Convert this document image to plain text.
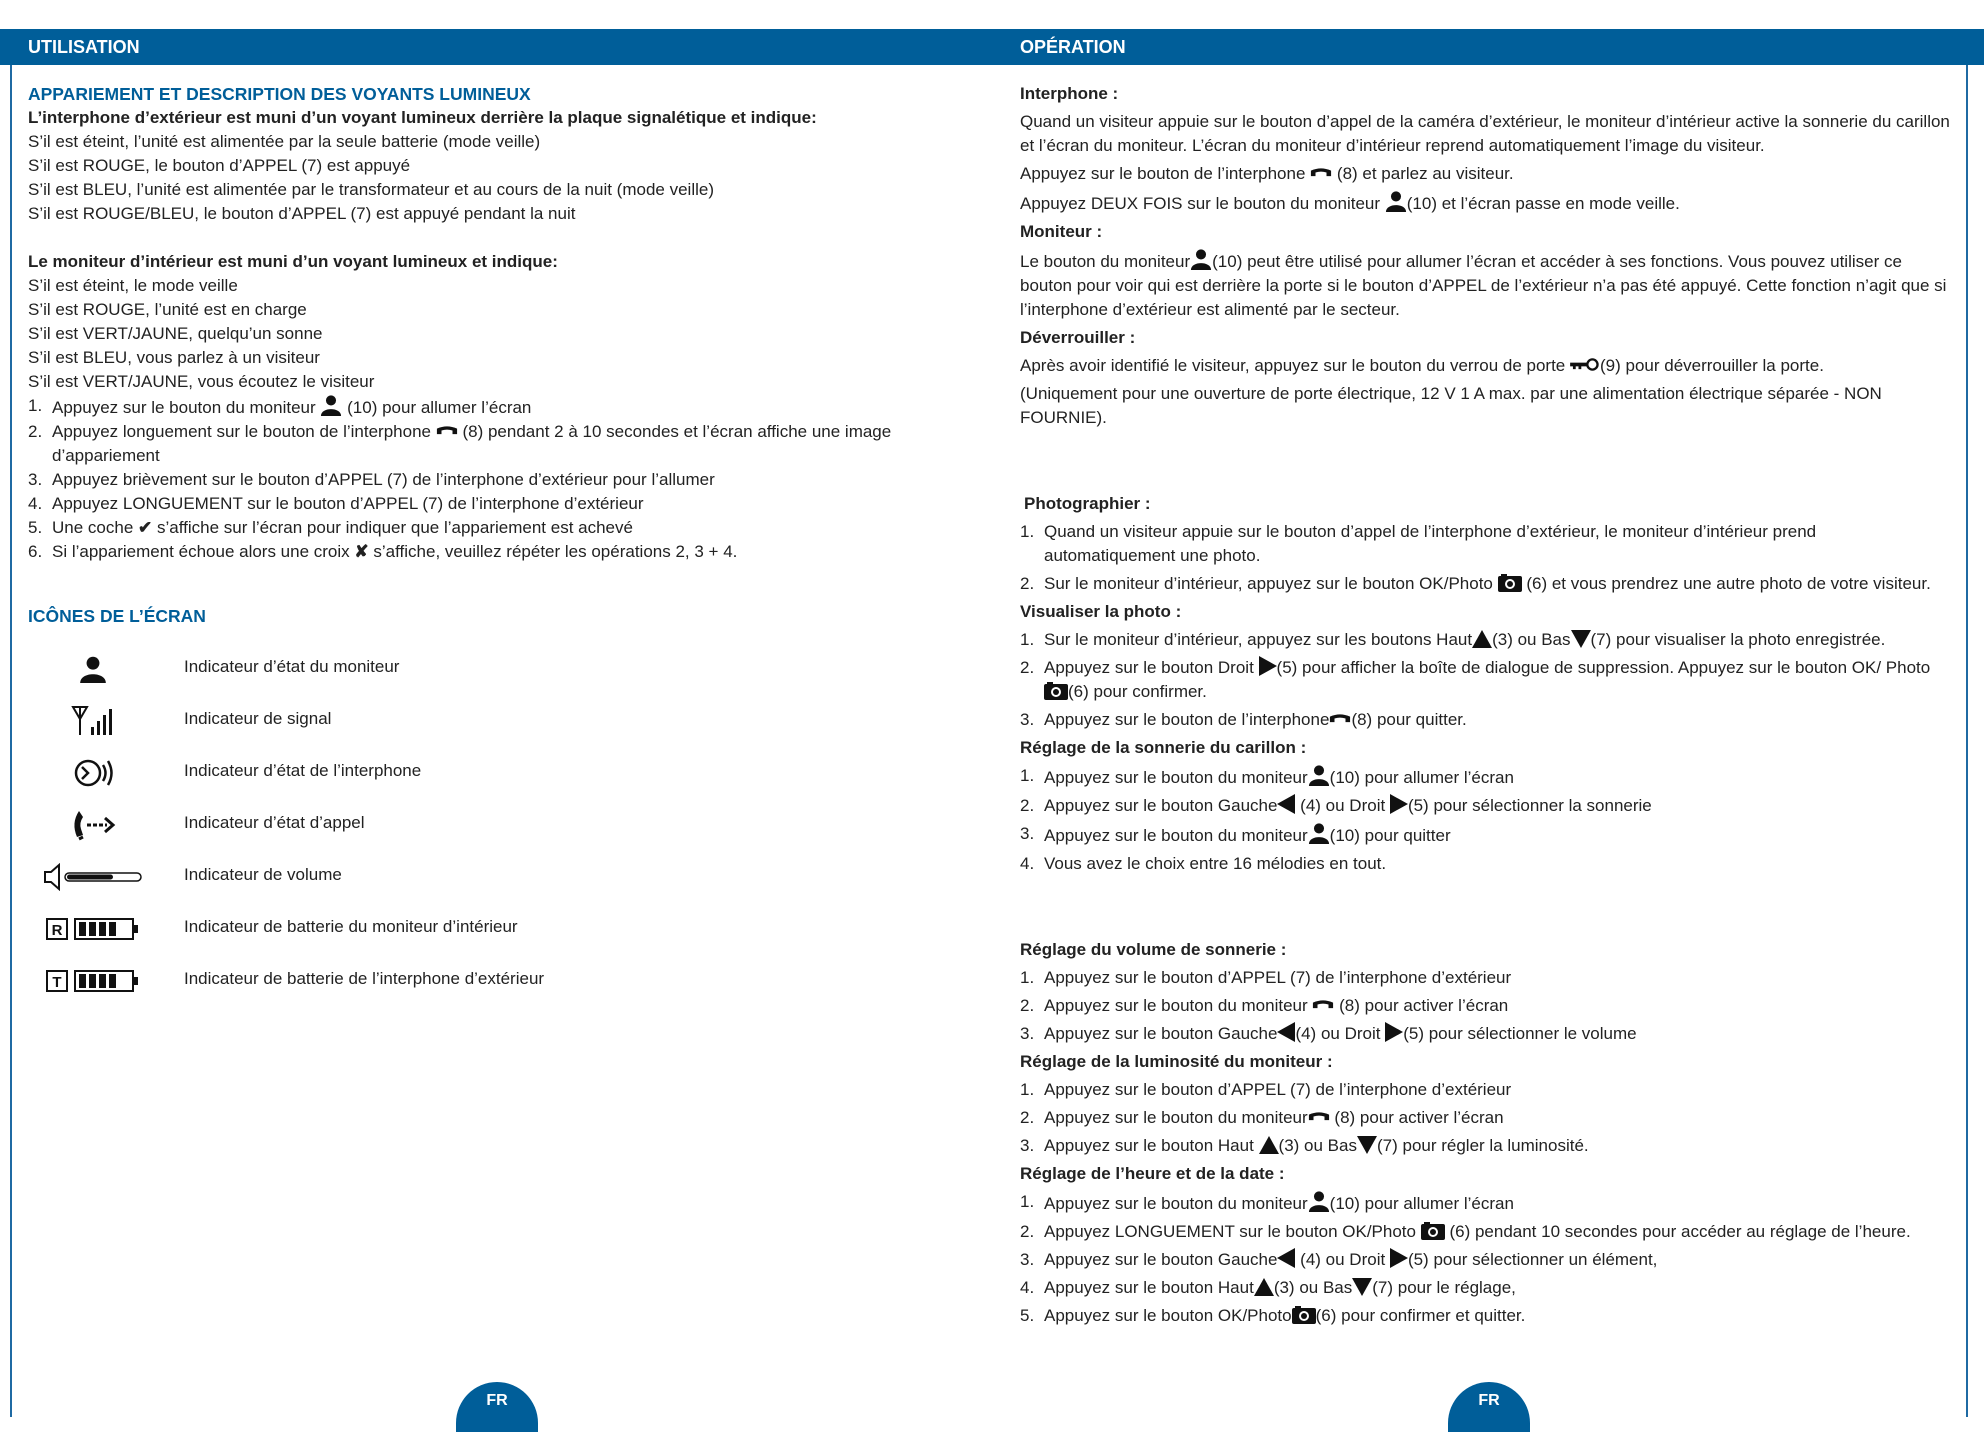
UTILISATION	OPÉRATION

APPARIEMENT ET DESCRIPTION DES VOYANTS LUMINEUX

L’interphone d’extérieur est muni d’un voyant lumineux derrière la plaque signalétique et indique:

S’il est éteint, l’unité est alimentée par la seule batterie (mode veille)

S’il est ROUGE, le bouton d’APPEL (7) est appuyé

S’il est BLEU, l’unité est alimentée par le transformateur et au cours de la nuit (mode veille)

S’il est ROUGE/BLEU, le bouton d’APPEL (7) est appuyé pendant la nuit

Le moniteur d’intérieur est muni d’un voyant lumineux et indique:

S’il est éteint, le mode veille

S’il est ROUGE, l’unité est en charge

S’il est VERT/JAUNE, quelqu’un sonne

S’il est BLEU, vous parlez à un visiteur

S’il est VERT/JAUNE, vous écoutez le visiteur

1. Appuyez sur le bouton du moniteur (10) pour allumer l’écran
2. Appuyez longuement sur le bouton de l’interphone (8) pendant 2 à 10 secondes et l’écran affiche une image d’appariement
3. Appuyez brièvement sur le bouton d’APPEL (7) de l’interphone d’extérieur pour l’allumer
4. Appuyez LONGUEMENT sur le bouton d’APPEL (7) de l’interphone d’extérieur
5. Une coche ✔ s’affiche sur l’écran pour indiquer que l’appariement est achevé
6. Si l’appariement échoue alors une croix ✘ s’affiche, veuillez répéter les opérations 2, 3 + 4.

ICÔNES DE L’ÉCRAN

Indicateur d’état du moniteur
Indicateur de signal
Indicateur d’état de l’interphone
Indicateur d’état d’appel
Indicateur de volume
R	Indicateur de batterie du moniteur d’intérieur
T	Indicateur de batterie de l’interphone d’extérieur

Interphone :

Quand un visiteur appuie sur le bouton d’appel de la caméra d’extérieur, le moniteur d’intérieur active la sonnerie du carillon et l’écran du moniteur. L’écran du moniteur d’intérieur reprend automatiquement l’image du visiteur.

Appuyez sur le bouton de l’interphone (8) et parlez au visiteur.

Appuyez DEUX FOIS sur le bouton du moniteur (10) et l’écran passe en mode veille.

Moniteur :

Le bouton du moniteur (10) peut être utilisé pour allumer l’écran et accéder à ses fonctions. Vous pouvez utiliser ce bouton pour voir qui est derrière la porte si le bouton d’APPEL de l’extérieur n’a pas été appuyé. Cette fonction n’agit que si l’interphone d’extérieur est alimenté par le secteur.

Déverrouiller :

Après avoir identifié le visiteur, appuyez sur le bouton du verrou de porte (9) pour déverrouiller la porte.

(Uniquement pour une ouverture de porte électrique, 12 V 1 A max. par une alimentation électrique séparée - NON FOURNIE).

Photographier :

1. Quand un visiteur appuie sur le bouton d’appel de l’interphone d’extérieur, le moniteur d’intérieur prend automatiquement une photo.
2. Sur le moniteur d’intérieur, appuyez sur le bouton OK/Photo (6) et vous prendrez une autre photo de votre visiteur.

Visualiser la photo :

1. Sur le moniteur d’intérieur, appuyez sur les boutons Haut (3) ou Bas (7) pour visualiser la photo enregistrée.
2. Appuyez sur le bouton Droit (5) pour afficher la boîte de dialogue de suppression. Appuyez sur le bouton OK/ Photo(6) pour confirmer.
3. Appuyez sur le bouton de l’interphone (8) pour quitter.

Réglage de la sonnerie du carillon :

1. Appuyez sur le bouton du moniteur (10) pour allumer l’écran
2. Appuyez sur le bouton Gauche (4) ou Droit (5) pour sélectionner la sonnerie
3. Appuyez sur le bouton du moniteur (10) pour quitter
4. Vous avez le choix entre 16 mélodies en tout.

Réglage du volume de sonnerie :

1. Appuyez sur le bouton d’APPEL (7) de l’interphone d’extérieur
2. Appuyez sur le bouton du moniteur (8) pour activer l’écran
3. Appuyez sur le bouton Gauche (4) ou Droit (5) pour sélectionner le volume

Réglage de la luminosité du moniteur :

1. Appuyez sur le bouton d’APPEL (7) de l’interphone d’extérieur
2. Appuyez sur le bouton du moniteur (8) pour activer l’écran
3. Appuyez sur le bouton Haut (3) ou Bas (7) pour régler la luminosité.

Réglage de l’heure et de la date :

1. Appuyez sur le bouton du moniteur (10) pour allumer l’écran
2. Appuyez LONGUEMENT sur le bouton OK/Photo (6) pendant 10 secondes pour accéder au réglage de l’heure.
3. Appuyez sur le bouton Gauche (4) ou Droit (5) pour sélectionner un élément,
4. Appuyez sur le bouton Haut (3) ou Bas (7) pour le réglage,
5. Appuyez sur le bouton OK/Photo (6) pour confirmer et quitter.
FR	FR
